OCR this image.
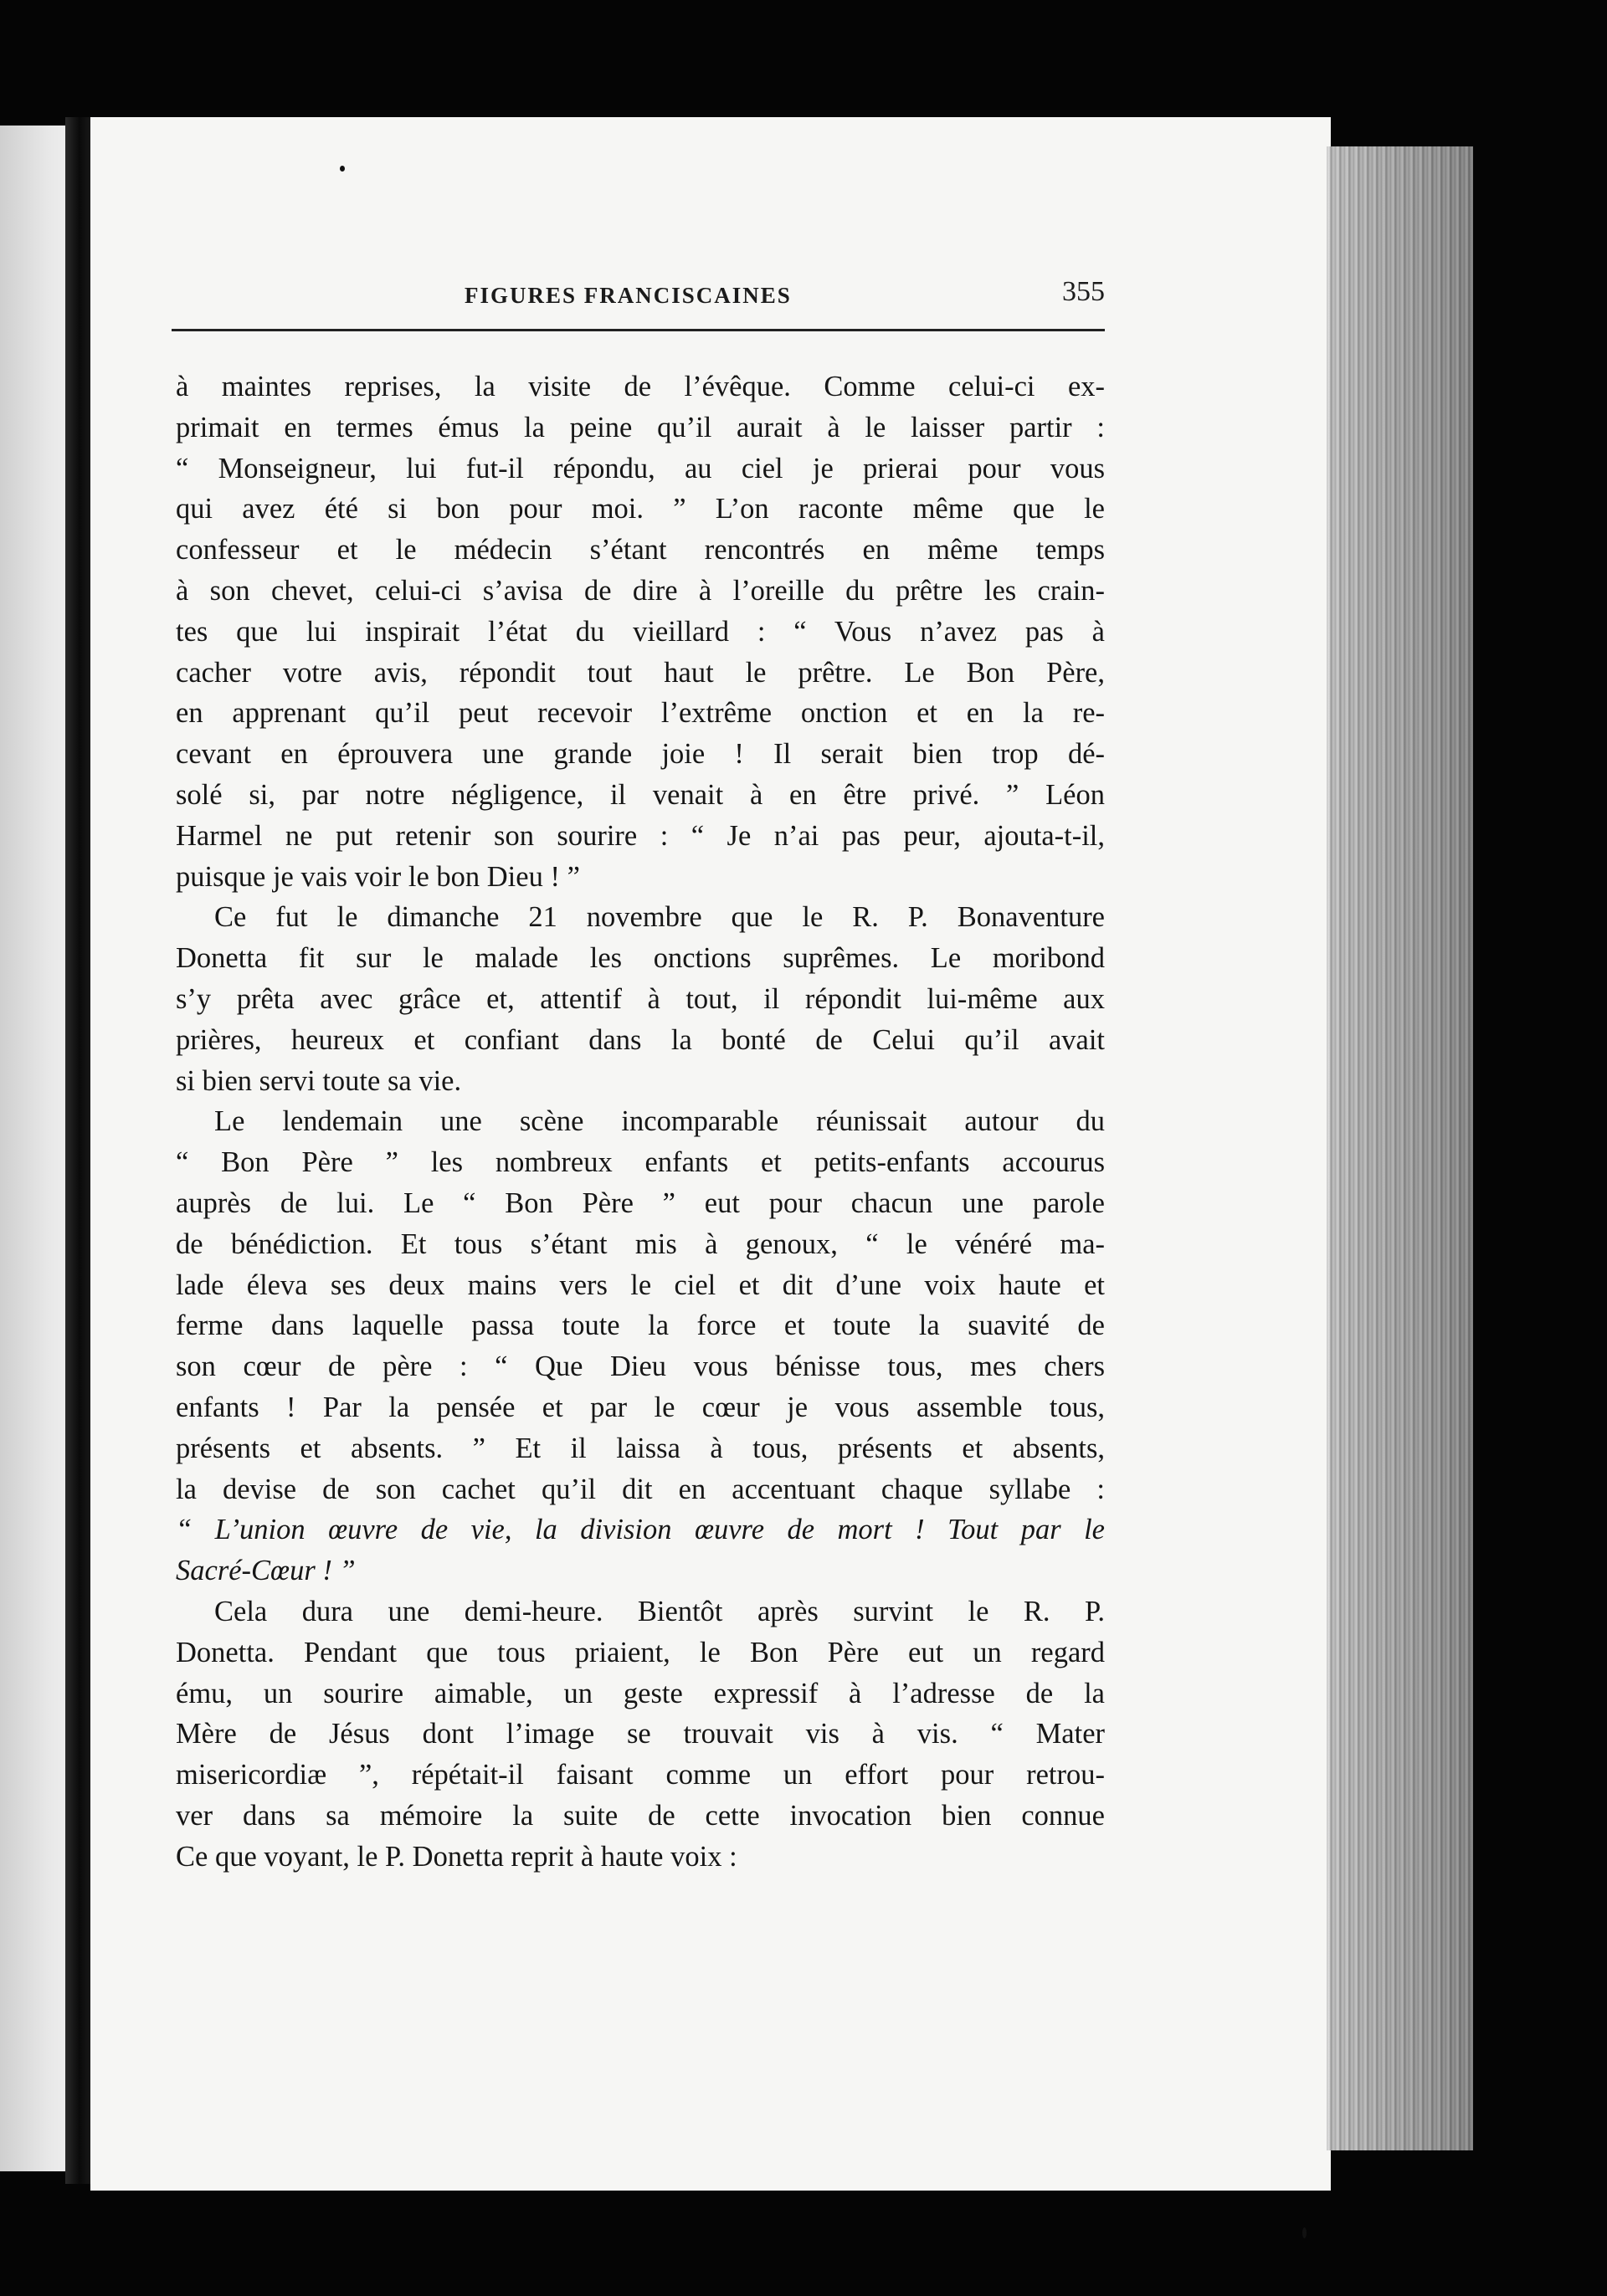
FIGURES FRANCISCAINES	355
à maintes reprises, la visite de l’évêque. Comme celui-ci ex-
primait en termes émus la peine qu’il aurait à le laisser partir :
“ Monseigneur, lui fut-il répondu, au ciel je prierai pour vous
qui avez été si bon pour moi. ” L’on raconte même que le
confesseur et le médecin s’étant rencontrés en même temps
à son chevet, celui-ci s’avisa de dire à l’oreille du prêtre les crain-
tes que lui inspirait l’état du vieillard : “ Vous n’avez pas à
cacher votre avis, répondit tout haut le prêtre. Le Bon Père,
en apprenant qu’il peut recevoir l’extrême onction et en la re-
cevant en éprouvera une grande joie ! Il serait bien trop dé-
solé si, par notre négligence, il venait à en être privé. ” Léon
Harmel ne put retenir son sourire : “ Je n’ai pas peur, ajouta-t-il,
puisque je vais voir le bon Dieu ! ”
Ce fut le dimanche 21 novembre que le R. P. Bonaventure
Donetta fit sur le malade les onctions suprêmes. Le moribond
s’y prêta avec grâce et, attentif à tout, il répondit lui-même aux
prières, heureux et confiant dans la bonté de Celui qu’il avait
si bien servi toute sa vie.
Le lendemain une scène incomparable réunissait autour du
“ Bon Père ” les nombreux enfants et petits-enfants accourus
auprès de lui. Le “ Bon Père ” eut pour chacun une parole
de bénédiction. Et tous s’étant mis à genoux, “ le vénéré ma-
lade éleva ses deux mains vers le ciel et dit d’une voix haute et
ferme dans laquelle passa toute la force et toute la suavité de
son cœur de père : “ Que Dieu vous bénisse tous, mes chers
enfants ! Par la pensée et par le cœur je vous assemble tous,
présents et absents. ” Et il laissa à tous, présents et absents,
la devise de son cachet qu’il dit en accentuant chaque syllabe :
“ L’union œuvre de vie, la division œuvre de mort ! Tout par le
Sacré-Cœur ! ”
Cela dura une demi-heure. Bientôt après survint le R. P.
Donetta. Pendant que tous priaient, le Bon Père eut un regard
ému, un sourire aimable, un geste expressif à l’adresse de la
Mère de Jésus dont l’image se trouvait vis à vis. “ Mater
misericordiæ ”, répétait-il faisant comme un effort pour retrou-
ver dans sa mémoire la suite de cette invocation bien connue
Ce que voyant, le P. Donetta reprit à haute voix :
